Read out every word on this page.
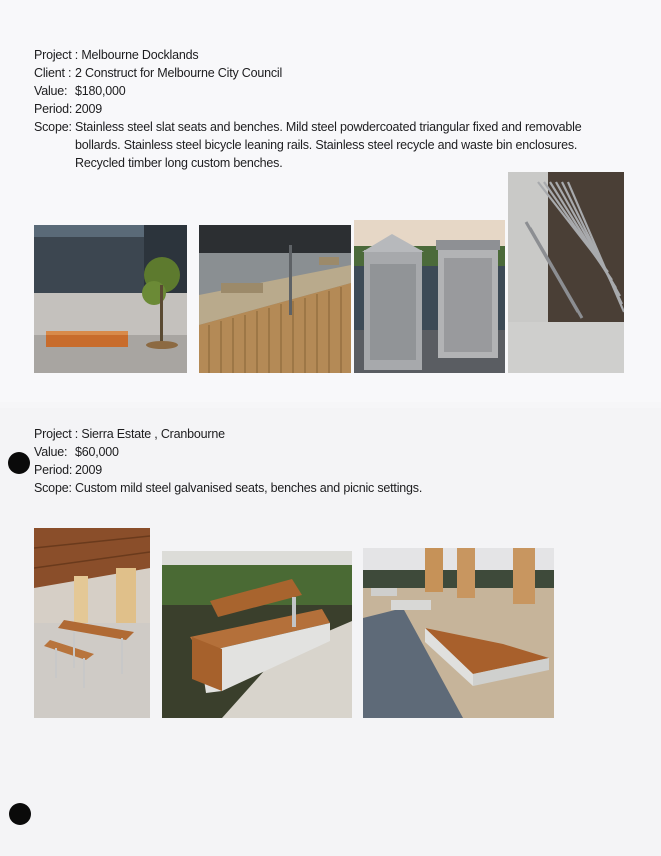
Project : Melbourne Docklands
Client : 2 Construct for Melbourne City Council
Value: $180,000
Period: 2009
Scope: Stainless steel slat seats and benches. Mild steel powdercoated triangular fixed and removable bollards. Stainless steel bicycle leaning rails. Stainless steel recycle and waste bin enclosures. Recycled timber long custom benches.
Project : Sierra Estate , Cranbourne
Value: $60,000
Period: 2009
Scope: Custom mild steel galvanised seats, benches and picnic settings.
